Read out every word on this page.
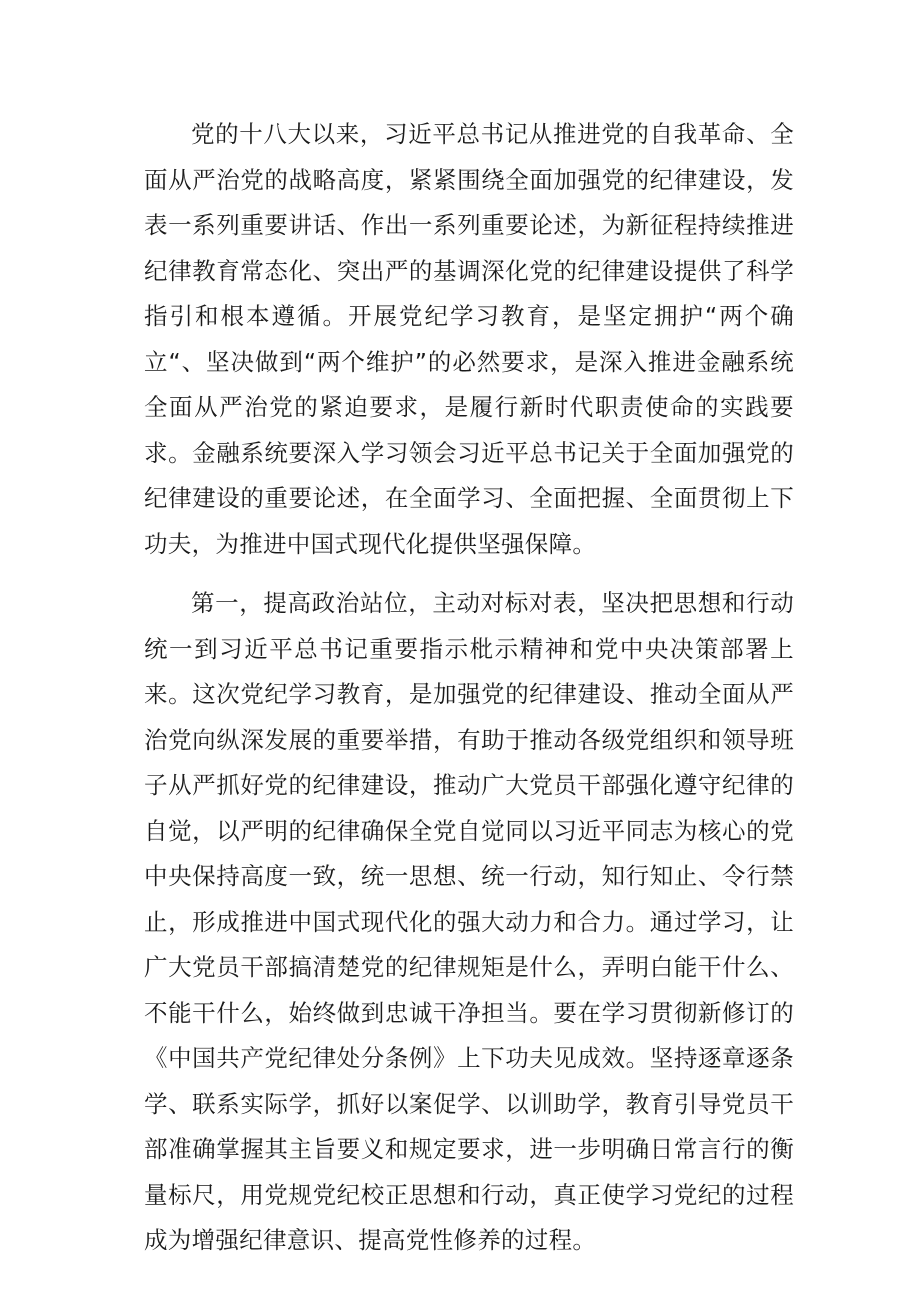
党的十八大以来，习近平总书记从推进党的自我革命、全面从严治党的战略高度，紧紧围绕全面加强党的纪律建设，发表一系列重要讲话、作出一系列重要论述，为新征程持续推进纪律教育常态化、突出严的基调深化党的纪律建设提供了科学指引和根本遵循。开展党纪学习教育，是坚定拥护“两个确立“、坚决做到“两个维护”的必然要求，是深入推进金融系统全面从严治党的紧迫要求，是履行新时代职责使命的实践要求。金融系统要深入学习领会习近平总书记关于全面加强党的纪律建设的重要论述，在全面学习、全面把握、全面贯彻上下功夫，为推进中国式现代化提供坚强保障。

第一，提高政治站位，主动对标对表，坚决把思想和行动统一到习近平总书记重要指示枇示精神和党中央决策部署上来。这次党纪学习教育，是加强党的纪律建设、推动全面从严治党向纵深发展的重要举措，有助于推动各级党组织和领导班子从严抓好党的纪律建设，推动广大党员干部强化遵守纪律的自觉，以严明的纪律确保全党自觉同以习近平同志为核心的党中央保持高度一致，统一思想、统一行动，知行知止、令行禁止，形成推进中国式现代化的强大动力和合力。通过学习，让广大党员干部搞清楚党的纪律规矩是什么，弄明白能干什么、不能干什么，始终做到忠诚干净担当。要在学习贯彻新修订的《中国共产党纪律处分条例》上下功夫见成效。坚持逐章逐条学、联系实际学，抓好以案促学、以训助学，教育引导党员干部准确掌握其主旨要义和规定要求，进一步明确日常言行的衡量标尺，用党规党纪校正思想和行动，真正使学习党纪的过程成为增强纪律意识、提高党性修养的过程。
